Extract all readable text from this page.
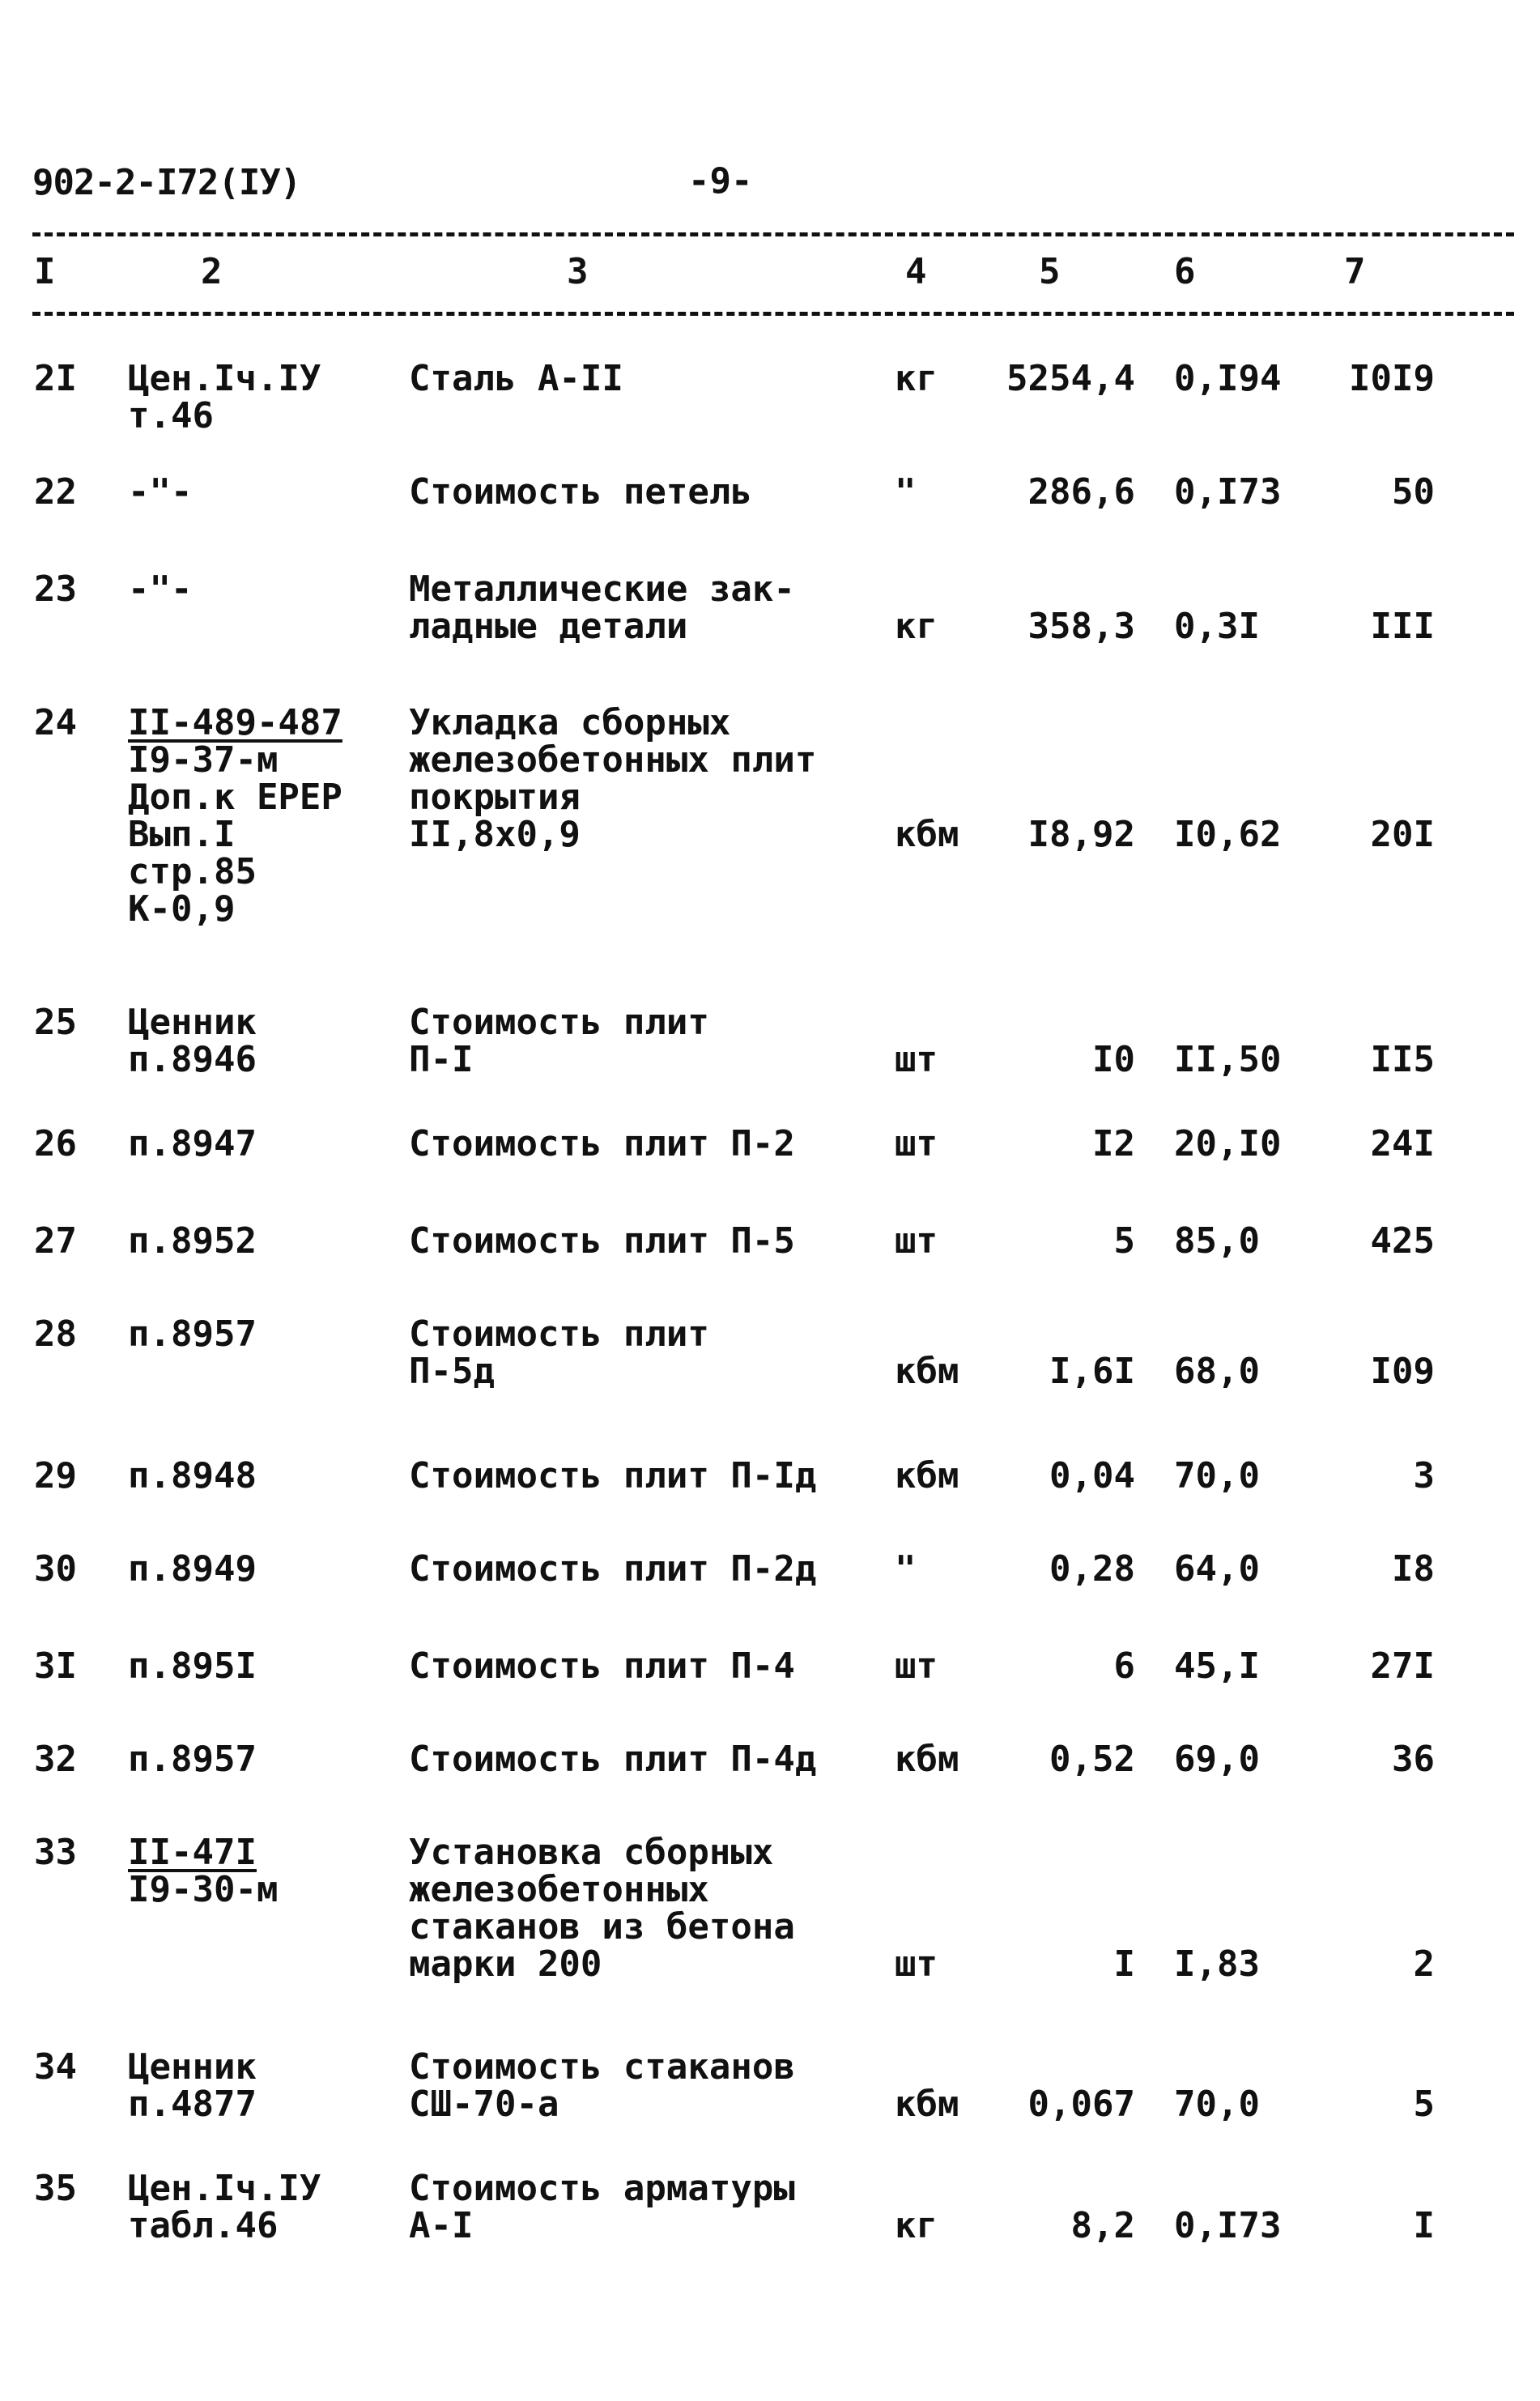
902-2-I72(IУ)	-9-
I	2	3	4	5	6	7
2I Цен.Iч.IУ
т.46
Сталь А-II	кг 5254,4 0,I94 I0I9
22 -"-	Стоимость петель	"	286,6 0,I73	50
23 -"-	Металлические зак-
ладные детали	кг	358,3 0,3I	III
24 II-489-487
I9-37-м
Доп.к ЕРЕР
Вып.I
стр.85
К-0,9
Укладка сборных
железобетонных плит
покрытия
II,8х0,9	кбм I8,92 I0,62	20I
25 Ценник
п.8946
Стоимость плит
П-I	шт	I0 II,50	II5
26 п.8947	Стоимость плит П-2	шт	I2 20,I0	24I
27 п.8952	Стоимость плит П-5	шт	5 85,0	425
28 п.8957	Стоимость плит
П-5д	кбм	I,6I 68,0	I09
29 п.8948	Стоимость плит П-Iд кбм	0,04 70,0	3
30 п.8949	Стоимость плит П-2д "	0,28 64,0	I8
3I п.895I	Стоимость плит П-4	шт	6 45,I	27I
32 п.8957	Стоимость плит П-4д кбм	0,52 69,0	36
33 II-47I
I9-30-м
Установка сборных
железобетонных
стаканов из бетона
марки 200	шт	I I,83	2
34 Ценник
п.4877
Стоимость стаканов
СШ-70-а	кбм 0,067 70,0	5
35 Цен.Iч.IУ
табл.46
Стоимость арматуры
А-I	кг	8,2 0,I73	I
